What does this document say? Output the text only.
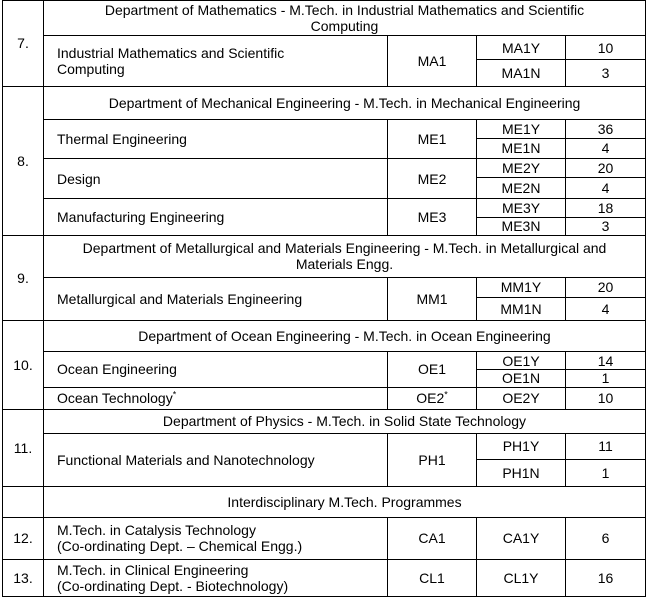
7.	Department of Mathematics - M.Tech. in Industrial Mathematics and Scientific
Computing			

	Industrial Mathematics and Scientific
Computing	MA1	MA1Y	10
			MA1N	3
8.	Department of Mechanical Engineering - M.Tech. in Mechanical Engineering			

	Thermal Engineering	ME1	ME1Y	36
			ME1N	4

	Design	ME2	ME2Y	20
			ME2N	4

	Manufacturing Engineering	ME3	ME3Y	18
			ME3N	3
9.	Department of Metallurgical and Materials Engineering - M.Tech. in Metallurgical and
Materials Engg.			

	Metallurgical and Materials Engineering	MM1	MM1Y	20
			MM1N	4
10.	Department of Ocean Engineering - M.Tech. in Ocean Engineering			

	Ocean Engineering	OE1	OE1Y	14
			OE1N	1
	Ocean Technology*	OE2*	OE2Y	10
11.	Department of Physics - M.Tech. in Solid State Technology			

	Functional Materials and Nanotechnology	PH1	PH1Y	11
			PH1N	1

	Interdisciplinary M.Tech. Programmes			

12.	M.Tech. in Catalysis Technology
(Co-ordinating Dept. – Chemical Engg.)	CA1	CA1Y	6
13.	M.Tech. in Clinical Engineering
(Co-ordinating Dept. - Biotechnology)	CL1	CL1Y	16
